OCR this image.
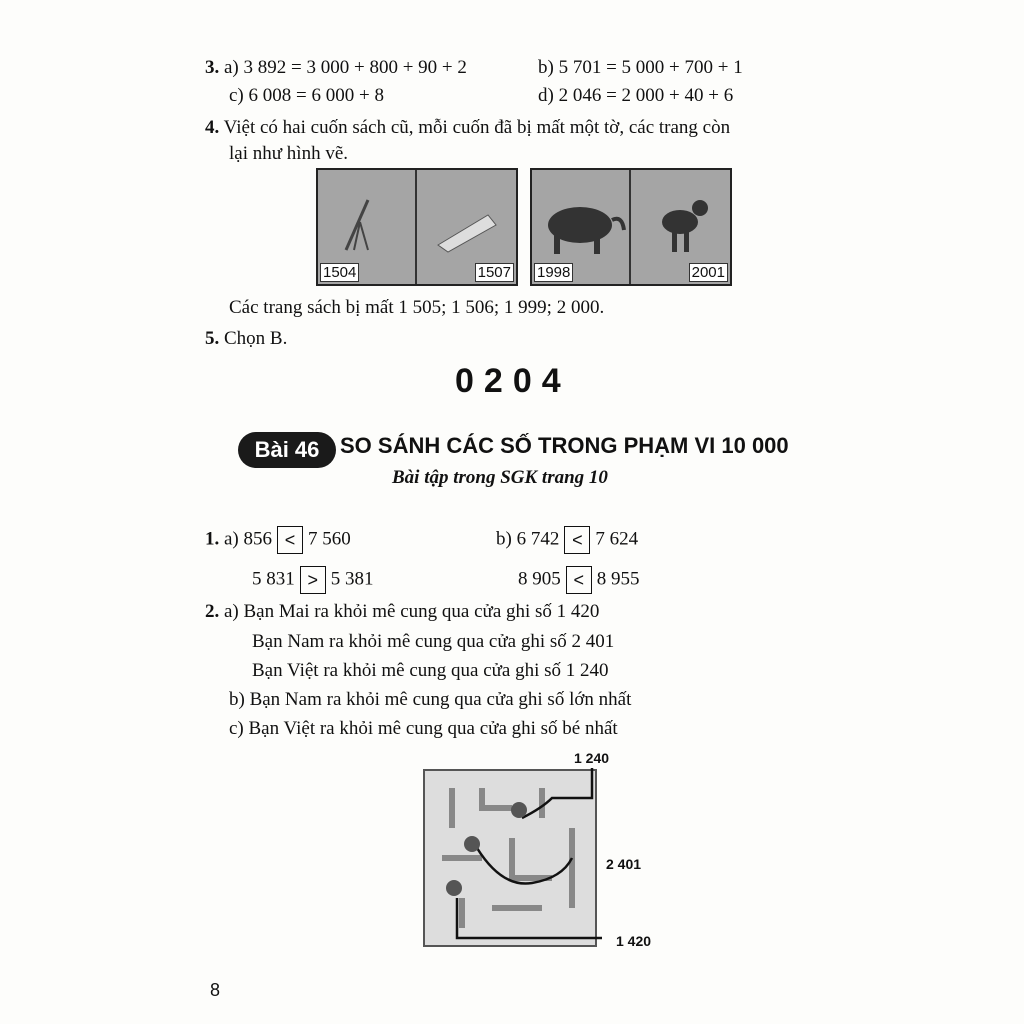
3. a) 3 892 = 3 000 + 800 + 90 + 2	b) 5 701 = 5 000 + 700 + 1
c) 6 008 = 6 000 + 8	d) 2 046 = 2 000 + 40 + 6
4. Việt có hai cuốn sách cũ, mỗi cuốn đã bị mất một tờ, các trang còn
lại như hình vẽ.
1504	1507 1998	2001
Các trang sách bị mất 1 505; 1 506; 1 999; 2 000.
5. Chọn B.
0204
Bài 46 SO SÁNH CÁC SỐ TRONG PHẠM VI 10 000
Bài tập trong SGK trang 10
1. a) 856 < 7 560	b) 6 742 < 7 624
5 831 > 5 381	8 905 < 8 955
2. a) Bạn Mai ra khỏi mê cung qua cửa ghi số 1 420
Bạn Nam ra khỏi mê cung qua cửa ghi số 2 401
Bạn Việt ra khỏi mê cung qua cửa ghi số 1 240
b) Bạn Nam ra khỏi mê cung qua cửa ghi số lớn nhất
c) Bạn Việt ra khỏi mê cung qua cửa ghi số bé nhất
1 240
2 401
1 420
8
